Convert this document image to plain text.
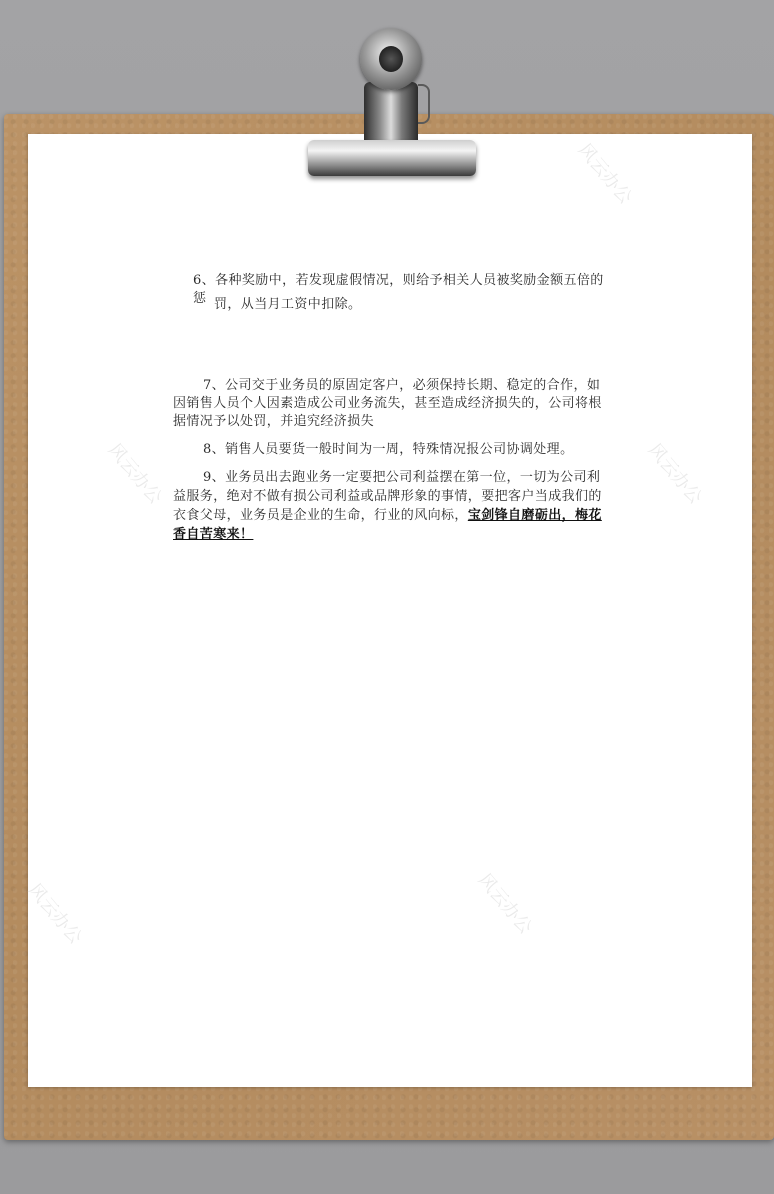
风云办公	风云办公
风云办公	风云办公
风云办公

6、各种奖励中，若发现虚假情况，则给予相关人员被奖励金额五倍的惩 罚，从当月工资中扣除。

7、公司交于业务员的原固定客户，必须保持长期、稳定的合作，如因销售人员个人因素造成公司业务流失，甚至造成经济损失的，公司将根据情况予以处罚，并追究经济损失

8、销售人员要货一般时间为一周，特殊情况报公司协调处理。

9、业务员出去跑业务一定要把公司利益摆在第一位，一切为公司利益服务，绝对不做有损公司利益或品牌形象的事情，要把客户当成我们的衣食父母，业务员是企业的生命，行业的风向标，宝剑锋自磨砺出，梅花香自苦寒来！
